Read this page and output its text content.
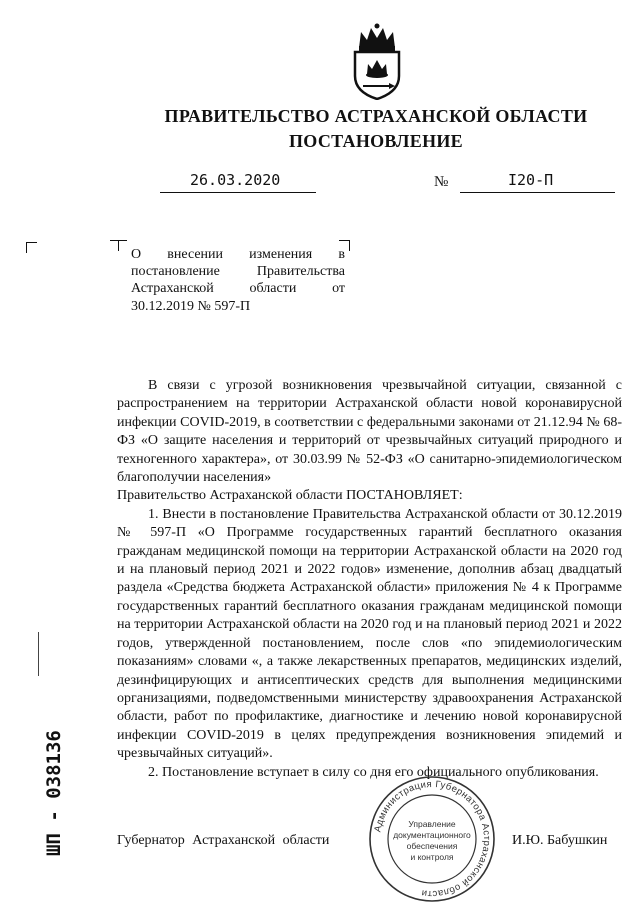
ПРАВИТЕЛЬСТВО АСТРАХАНСКОЙ ОБЛАСТИ
ПОСТАНОВЛЕНИЕ
26.03.2020	№	I20-П
О внесении изменения в
постановление Правительства
Астраханской области от
30.12.2019 № 597-П

В связи с угрозой возникновения чрезвычайной ситуации, связанной с распространением на территории Астраханской области новой коронавирусной инфекции COVID-2019, в соответствии с федеральными законами от 21.12.94 № 68-ФЗ «О защите населения и территорий от чрезвычайных ситуаций природного и техногенного характера», от 30.03.99 № 52-ФЗ «О санитарно-эпидемиологическом благополучии населения»

Правительство Астраханской области ПОСТАНОВЛЯЕТ:

1. Внести в постановление Правительства Астраханской области от 30.12.2019 № 597-П «О Программе государственных гарантий бесплатного оказания гражданам медицинской помощи на территории Астраханской области на 2020 год и на плановый период 2021 и 2022 годов» изменение, дополнив абзац двадцатый раздела «Средства бюджета Астраханской области» приложения № 4 к Программе государственных гарантий бесплатного оказания гражданам медицинской помощи на территории Астраханской области на 2020 год и на плановый период 2021 и 2022 годов, утвержденной постановлением, после слов «по эпидемиологическим показаниям» словами «, а также лекарственных препаратов, медицинских изделий, дезинфицирующих и антисептических средств для выполнения медицинскими организациями, подведомственными министерству здравоохранения Астраханской области, работ по профилактике, диагностике и лечению новой коронавирусной инфекции COVID-2019 в целях предупреждения возникновения эпидемий и чрезвычайных ситуаций».

2. Постановление вступает в силу со дня его официального опубликования.

Губернатор Астраханской области	И.Ю. Бабушкин
Администрация Губернатора Астраханской области
Управление
документационного
обеспечения
и контроля
ШП - 038136
